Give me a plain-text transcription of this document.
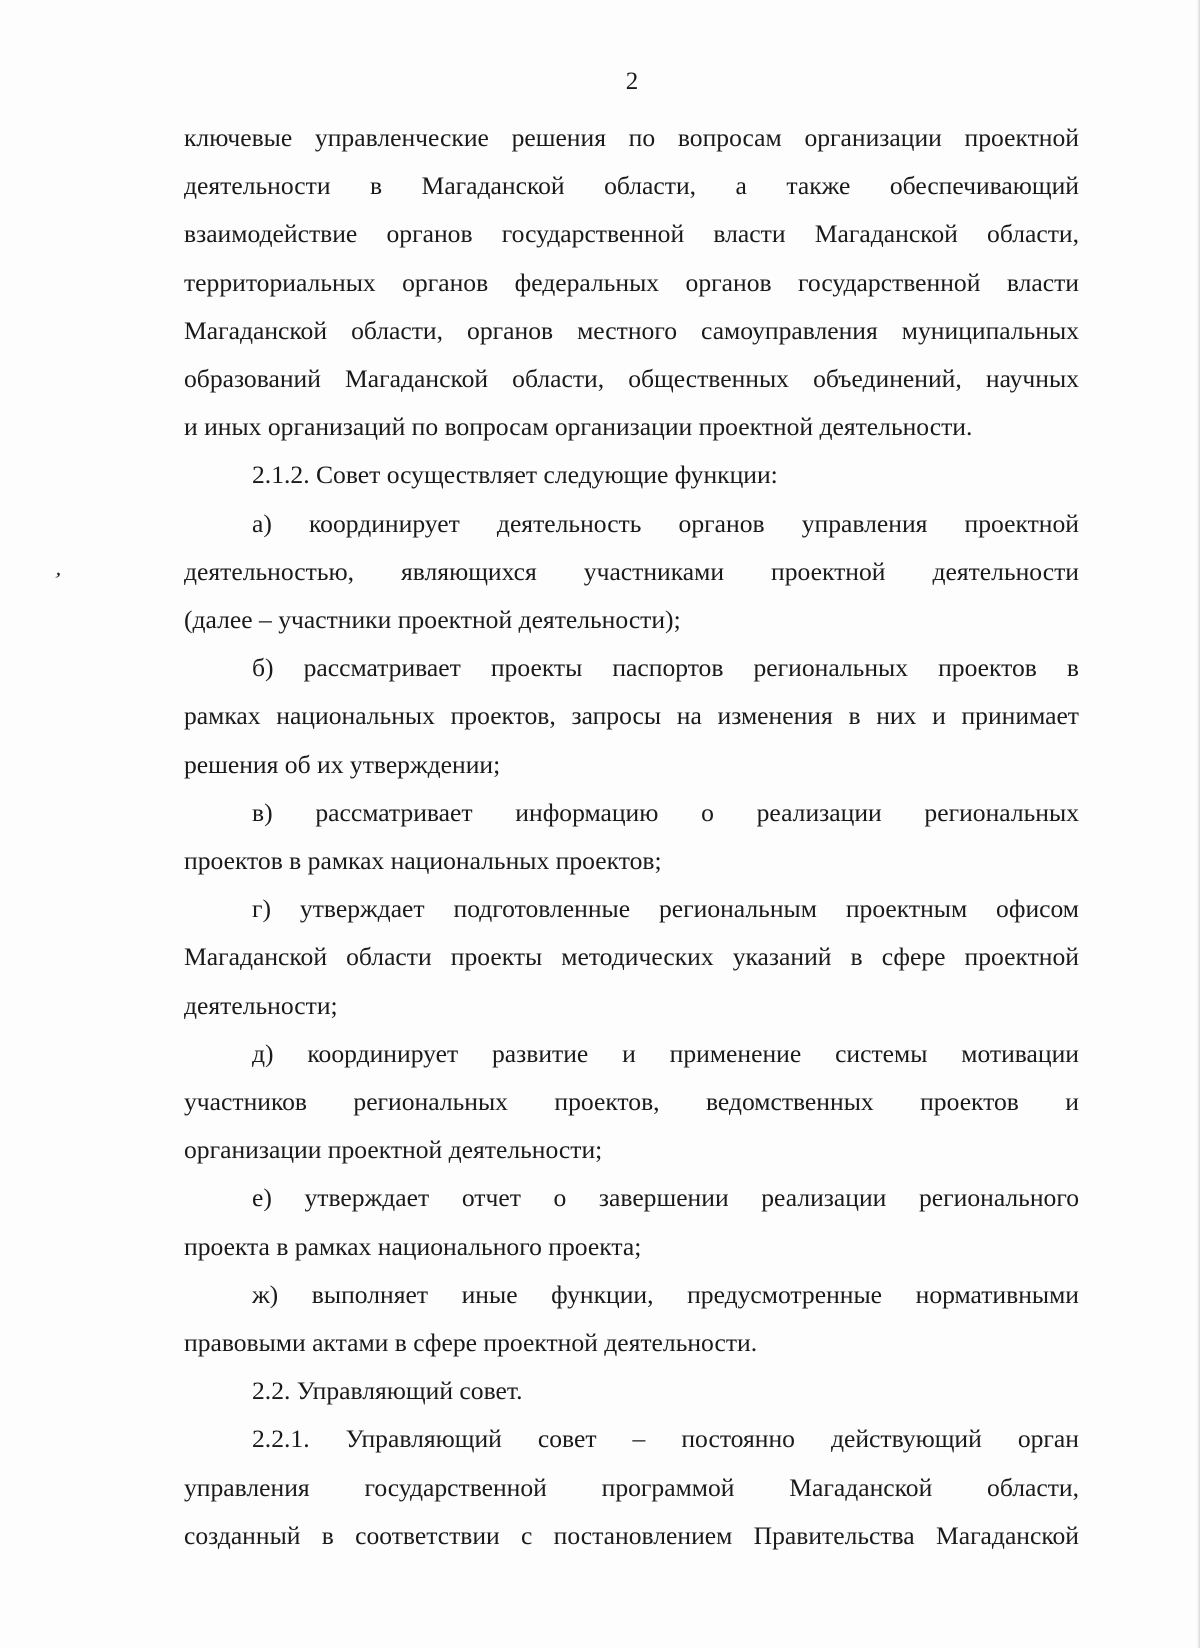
2
ʼ
ключевые управленческие решения по вопросам организации проектной
деятельности в Магаданской области, а также обеспечивающий
взаимодействие органов государственной власти Магаданской области,
территориальных органов федеральных органов государственной власти
Магаданской области, органов местного самоуправления муниципальных
образований Магаданской области, общественных объединений, научных
и иных организаций по вопросам организации проектной деятельности.
2.1.2. Совет осуществляет следующие функции:
а) координирует деятельность органов управления проектной
деятельностью, являющихся участниками проектной деятельности
(далее – участники проектной деятельности);
б) рассматривает проекты паспортов региональных проектов в
рамках национальных проектов, запросы на изменения в них и принимает
решения об их утверждении;
в) рассматривает информацию о реализации региональных
проектов в рамках национальных проектов;
г) утверждает подготовленные региональным проектным офисом
Магаданской области проекты методических указаний в сфере проектной
деятельности;
д) координирует развитие и применение системы мотивации
участников региональных проектов, ведомственных проектов и
организации проектной деятельности;
е) утверждает отчет о завершении реализации регионального
проекта в рамках национального проекта;
ж) выполняет иные функции, предусмотренные нормативными
правовыми актами в сфере проектной деятельности.
2.2. Управляющий совет.
2.2.1. Управляющий совет – постоянно действующий орган
управления государственной программой Магаданской области,
созданный в соответствии с постановлением Правительства Магаданской
